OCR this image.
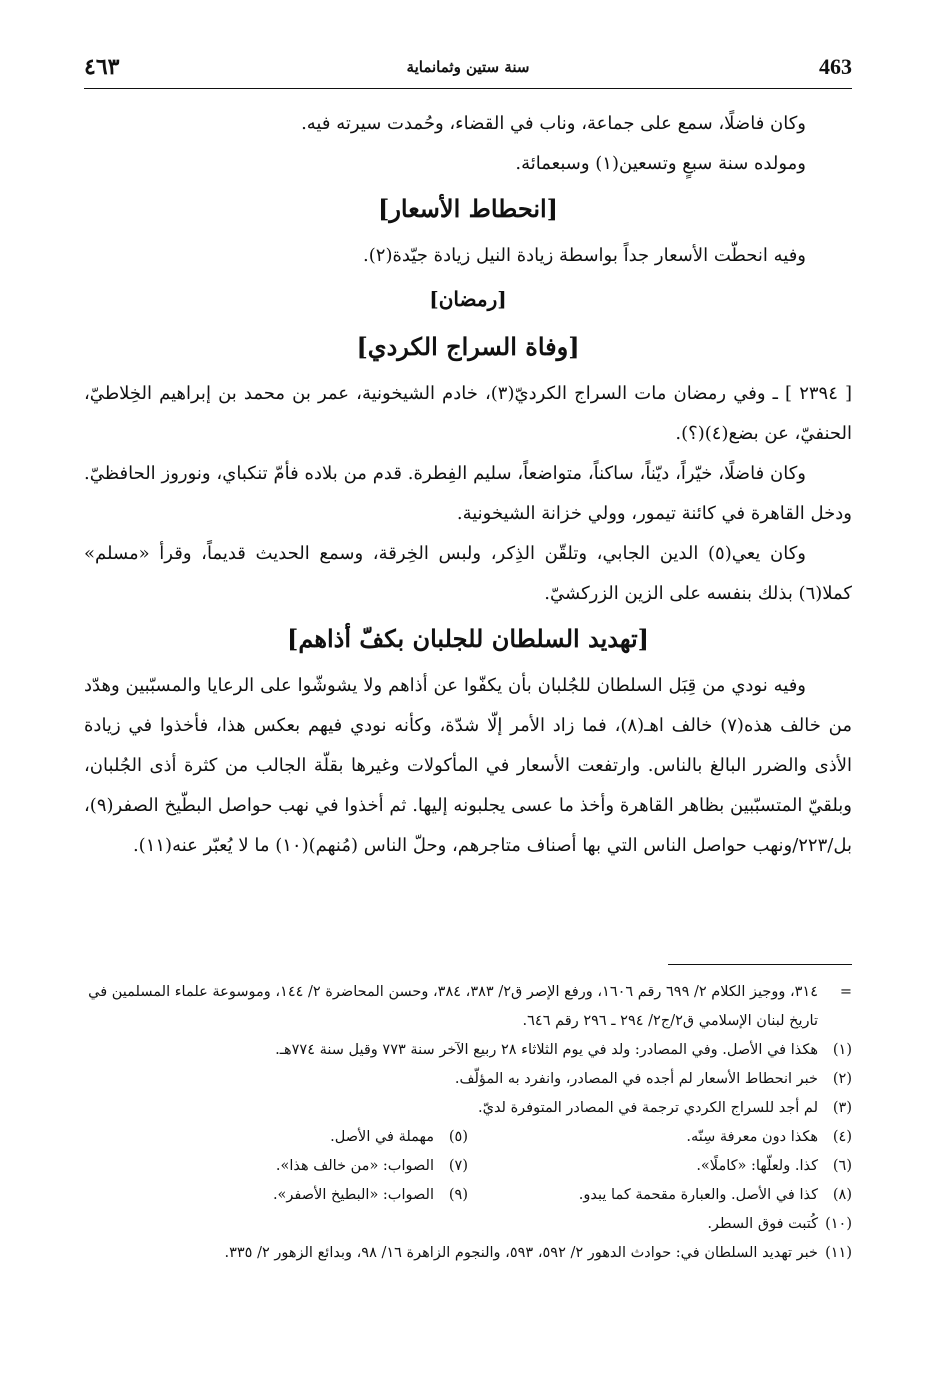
463
سنة ستين وثمانماية
٤٦٣

وكان فاضلًا، سمع على جماعة، وناب في القضاء، وحُمدت سيرته فيه.

ومولده سنة سبعٍ وتسعين(١) وسبعمائة.

[انحطاط الأسعار]

وفيه انحطّت الأسعار جداً بواسطة زيادة النيل زيادة جيّدة(٢).

[رمضان]
[وفاة السراج الكردي]

[ ٢٣٩٤ ] ـ وفي رمضان مات السراج الكرديّ(٣)، خادم الشيخونية، عمر بن محمد بن إبراهيم الخِلاطيّ، الحنفيّ، عن بضع(٤)(؟).

وكان فاضلًا، خيّراً، ديّناً، ساكناً، متواضعاً، سليم الفِطرة. قدم من بلاده فأمّ تنكباي، ونوروز الحافظيّ. ودخل القاهرة في كائنة تيمور، وولي خزانة الشيخونية.

وكان يعي(٥) الدين الجابي، وتلقّن الذِكر، ولبس الخِرقة، وسمع الحديث قديماً، وقرأ «مسلم» كملا(٦) بذلك بنفسه على الزين الزركشيّ.

[تهديد السلطان للجلبان بكفّ أذاهم]

وفيه نودي من قِبَل السلطان للجُلبان بأن يكفّوا عن أذاهم ولا يشوشّوا على الرعايا والمسبّبين وهدّد من خالف هذه(٧) خالف اهـ(٨)، فما زاد الأمر إلّا شدّة، وكأنه نودي فيهم بعكس هذا، فأخذوا في زيادة الأذى والضرر البالغ بالناس. وارتفعت الأسعار في المأكولات وغيرها بقلّة الجالب من كثرة أذى الجُلبان، وبلقيّ المتسبّبين بظاهر القاهرة وأخذ ما عسى يجلبونه إليها. ثم أخذوا في نهب حواصل البطّيخ الصفر(٩)، بل/٢٢٣/ونهب حواصل الناس التي بها أصناف متاجرهم، وحلّ الناس (مُنهم)(١٠) ما لا يُعبّر عنه(١١).

=
٣١٤، ووجيز الكلام ٢/ ٦٩٩ رقم ١٦٠٦، ورفع الإصر ق٢/ ٣٨٣، ٣٨٤، وحسن المحاضرة ٢/ ١٤٤، وموسوعة علماء المسلمين في تاريخ لبنان الإسلامي ق٢/ج٢/ ٢٩٤ ـ ٢٩٦ رقم ٦٤٦.
(١)
هكذا في الأصل. وفي المصادر: ولد في يوم الثلاثاء ٢٨ ربيع الآخر سنة ٧٧٣ وقيل سنة ٧٧٤هـ.
(٢)
خبر انحطاط الأسعار لم أجده في المصادر، وانفرد به المؤلّف.
(٣)
لم أجد للسراج الكردي ترجمة في المصادر المتوفرة لديّ.
(٤)
هكذا دون معرفة سِنّه.
(٥)
مهملة في الأصل.
(٦)
كذا. ولعلّها: «كاملًا».
(٧)
الصواب: «من خالف هذا».
(٨)
كذا في الأصل. والعبارة مقحمة كما يبدو.
(٩)
الصواب: «البطيخ الأصفر».
(١٠)
كُتبت فوق السطر.
(١١)
خبر تهديد السلطان في: حوادث الدهور ٢/ ٥٩٢، ٥٩٣، والنجوم الزاهرة ١٦/ ٩٨، وبدائع الزهور ٢/ ٣٣٥.
